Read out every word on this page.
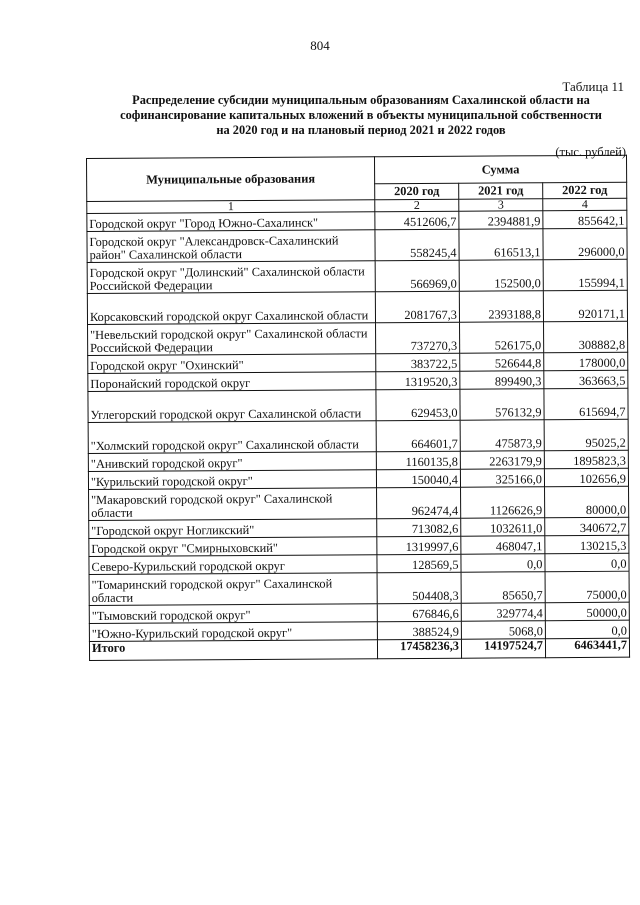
804
Таблица 11
Распределение субсидии муниципальным образованиям Сахалинской области на
софинансирование капитальных вложений в объекты муниципальной собственности
на 2020 год и на плановый период 2021 и 2022 годов
(тыс. рублей)
Муниципальные образования	Сумма		
	2020 год	2021 год	2022 год
1	2	3	4
Городской округ "Город Южно-Сахалинск"	4512606,7	2394881,9	855642,1
Городской округ "Александровск-Сахалинский район" Сахалинской области	558245,4	616513,1	296000,0
Городской округ "Долинский" Сахалинской области Российской Федерации	566969,0	152500,0	155994,1
Корсаковский городской округ Сахалинской области	2081767,3	2393188,8	920171,1
"Невельский городской округ" Сахалинской области Российской Федерации	737270,3	526175,0	308882,8
Городской округ "Охинский"	383722,5	526644,8	178000,0
Поронайский городской округ	1319520,3	899490,3	363663,5
Углегорский городской округ Сахалинской области	629453,0	576132,9	615694,7
"Холмский городской округ" Сахалинской области	664601,7	475873,9	95025,2
"Анивский городской округ"	1160135,8	2263179,9	1895823,3
"Курильский городской округ"	150040,4	325166,0	102656,9
"Макаровский городской округ" Сахалинской области	962474,4	1126626,9	80000,0
"Городской округ Ногликский"	713082,6	1032611,0	340672,7
Городской округ "Смирныховский"	1319997,6	468047,1	130215,3
Северо-Курильский городской округ	128569,5	0,0	0,0
"Томаринский городской округ" Сахалинской области	504408,3	85650,7	75000,0
"Тымовский городской округ"	676846,6	329774,4	50000,0
"Южно-Курильский городской округ"	388524,9	5068,0	0,0
Итого	17458236,3	14197524,7	6463441,7
